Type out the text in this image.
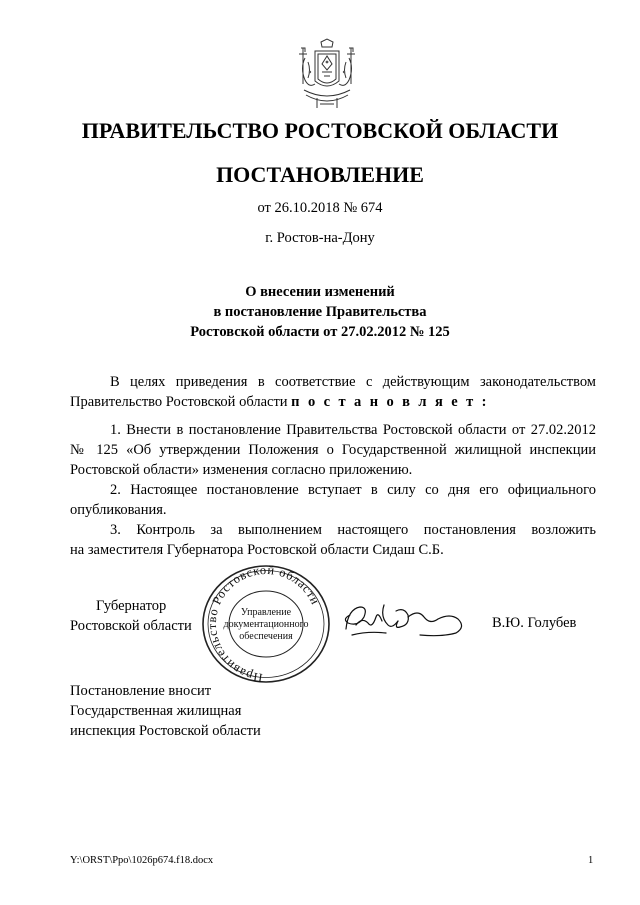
ПРАВИТЕЛЬСТВО РОСТОВСКОЙ ОБЛАСТИ
ПОСТАНОВЛЕНИЕ
от 26.10.2018 № 674
г. Ростов-на-Дону
О внесении изменений
в постановление Правительства
Ростовской области от 27.02.2012 № 125
В целях приведения в соответствие с действующим законодательством
Правительство Ростовской области п о с т а н о в л я е т :
1. Внести в постановление Правительства Ростовской области от 27.02.2012
№ 125 «Об утверждении Положения о Государственной жилищной инспекции
Ростовской области» изменения согласно приложению.
2. Настоящее постановление вступает в силу со дня его официального
опубликования.
3. Контроль за выполнением настоящего постановления возложить
на заместителя Губернатора Ростовской области Сидаш С.Б.
Губернатор
Ростовской области
Правительство Ростовской области
Управление
документационного
обеспечения
В.Ю. Голубев
Постановление вносит
Государственная жилищная
инспекция Ростовской области
Y:\ORST\Ppo\1026p674.f18.docx	1
